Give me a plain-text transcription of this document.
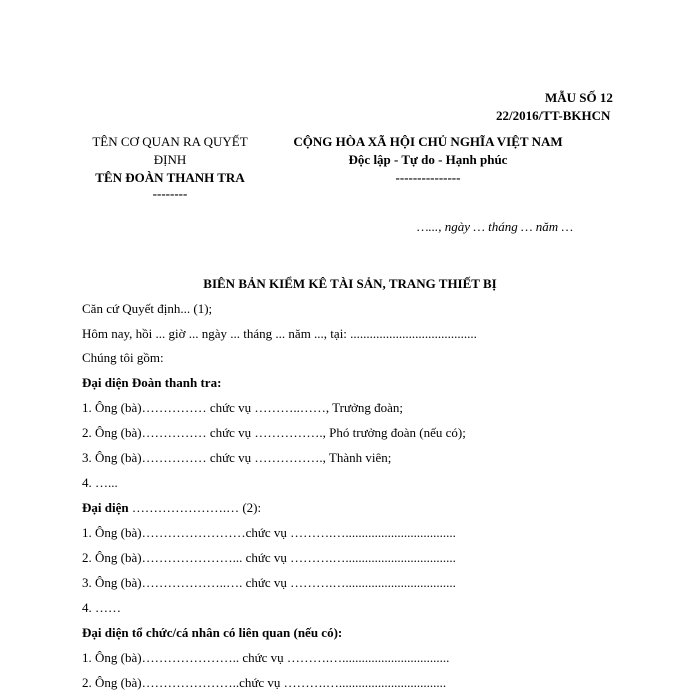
MẪU SỐ 12
22/2016/TT-BKHCN
TÊN CƠ QUAN RA QUYẾT
ĐỊNH
TÊN ĐOÀN THANH TRA
--------
CỘNG HÒA XÃ HỘI CHỦ NGHĨA VIỆT NAM
Độc lập - Tự do - Hạnh phúc
---------------
…..., ngày … tháng … năm …
BIÊN BẢN KIỂM KÊ TÀI SẢN, TRANG THIẾT BỊ
Căn cứ Quyết định... (1);
Hôm nay, hồi ... giờ ... ngày ... tháng ... năm ..., tại: .......................................
Chúng tôi gồm:
Đại diện Đoàn thanh tra:
1. Ông (bà)…………… chức vụ ………..……, Trưởng đoàn;
2. Ông (bà)…………… chức vụ ……………., Phó trưởng đoàn (nếu có);
3. Ông (bà)…………… chức vụ ……………., Thành viên;
4. …...
Đại diện ………………….… (2):
1. Ông (bà)……………………chức vụ ……….…..................................
2. Ông (bà)…………………... chức vụ ……….…..................................
3. Ông (bà)………………..…. chức vụ ……….…..................................
4. ……
Đại diện tổ chức/cá nhân có liên quan (nếu có):
1. Ông (bà)………………….. chức vụ ……….….................................
2. Ông (bà)…………………..chức vụ ……….….................................
